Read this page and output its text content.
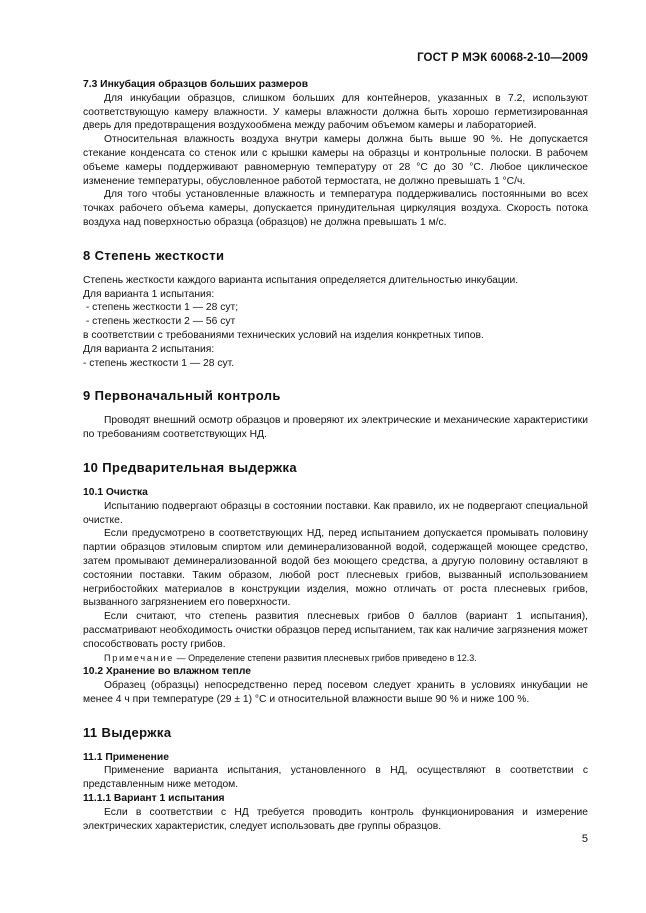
ГОСТ Р МЭК 60068-2-10—2009

7.3 Инкубация образцов больших размеров

Для инкубации образцов, слишком больших для контейнеров, указанных в 7.2, используют соответствующую камеру влажности. У камеры влажности должна быть хорошо герметизированная дверь для предотвращения воздухообмена между рабочим объемом камеры и лабораторией.

Относительная влажность воздуха внутри камеры должна быть выше 90 %. Не допускается стекание конденсата со стенок или с крышки камеры на образцы и контрольные полоски. В рабочем объеме камеры поддерживают равномерную температуру от 28 °C до 30 °C. Любое циклическое изменение температуры, обусловленное работой термостата, не должно превышать 1 °C/ч.

Для того чтобы установленные влажность и температура поддерживались постоянными во всех точках рабочего объема камеры, допускается принудительная циркуляция воздуха. Скорость потока воздуха над поверхностью образца (образцов) не должна превышать 1 м/с.

8 Степень жесткости

Степень жесткости каждого варианта испытания определяется длительностью инкубации.

Для варианта 1 испытания:

- степень жесткости 1 — 28 сут;

- степень жесткости 2 — 56 сут

в соответствии с требованиями технических условий на изделия конкретных типов.

Для варианта 2 испытания:

- степень жесткости 1 — 28 сут.

9 Первоначальный контроль

Проводят внешний осмотр образцов и проверяют их электрические и механические характеристики по требованиям соответствующих НД.

10 Предварительная выдержка

10.1 Очистка

Испытанию подвергают образцы в состоянии поставки. Как правило, их не подвергают специальной очистке.

Если предусмотрено в соответствующих НД, перед испытанием допускается промывать половину партии образцов этиловым спиртом или деминерализованной водой, содержащей моющее средство, затем промывают деминерализованной водой без моющего средства, а другую половину оставляют в состоянии поставки. Таким образом, любой рост плесневых грибов, вызванный использованием негрибостойких материалов в конструкции изделия, можно отличать от роста плесневых грибов, вызванного загрязнением его поверхности.

Если считают, что степень развития плесневых грибов 0 баллов (вариант 1 испытания), рассматривают необходимость очистки образцов перед испытанием, так как наличие загрязнения может способствовать росту грибов.

Примечание — Определение степени развития плесневых грибов приведено в 12.3.

10.2 Хранение во влажном тепле

Образец (образцы) непосредственно перед посевом следует хранить в условиях инкубации не менее 4 ч при температуре (29 ± 1) °C и относительной влажности выше 90 % и ниже 100 %.

11 Выдержка

11.1 Применение

Применение варианта испытания, установленного в НД, осуществляют в соответствии с представленным ниже методом.

11.1.1 Вариант 1 испытания

Если в соответствии с НД требуется проводить контроль функционирования и измерение электрических характеристик, следует использовать две группы образцов.

5
